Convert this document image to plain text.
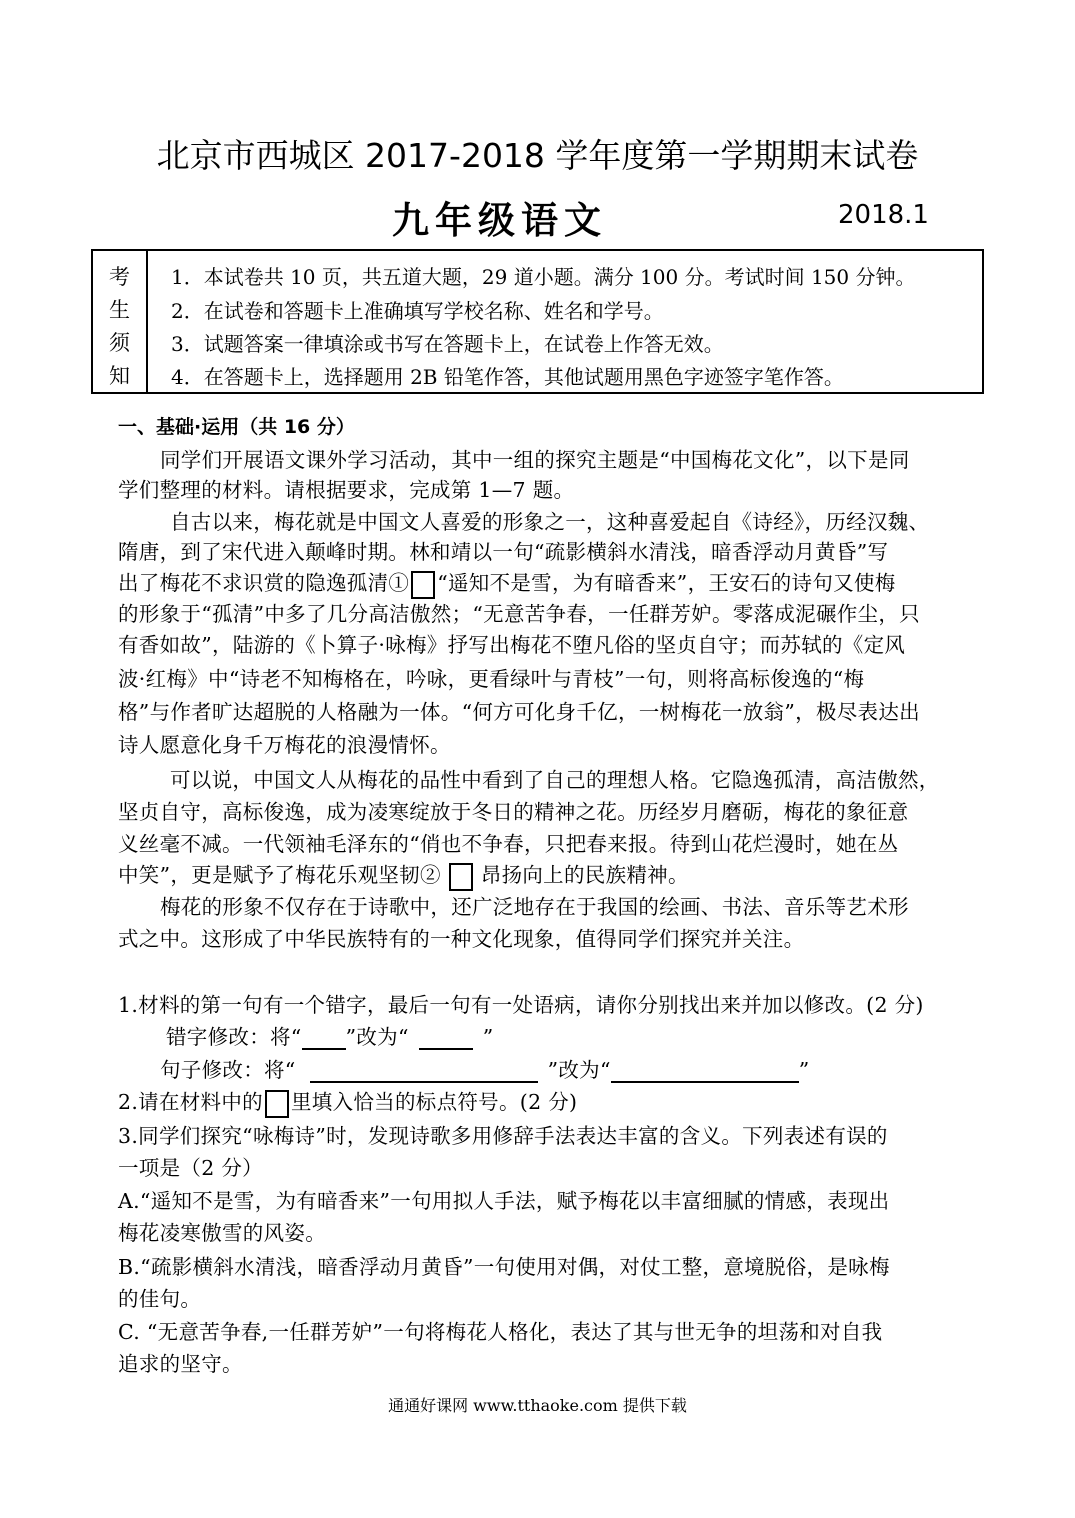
北京市西城区 2017-2018 学年度第一学期期末试卷
九年级语文	2018.1
考
生
须
知
1．本试卷共 10 页，共五道大题，29 道小题。满分 100 分。考试时间 150 分钟。
2．在试卷和答题卡上准确填写学校名称、姓名和学号。
3．试题答案一律填涂或书写在答题卡上，在试卷上作答无效。
4．在答题卡上，选择题用 2B 铅笔作答，其他试题用黑色字迹签字笔作答。
一、基础·运用（共 16 分）
同学们开展语文课外学习活动，其中一组的探究主题是“中国梅花文化”，以下是同
学们整理的材料。请根据要求，完成第 1—7 题。
自古以来，梅花就是中国文人喜爱的形象之一，这种喜爱起自《诗经》，历经汉魏、
隋唐，到了宋代进入颠峰时期。林和靖以一句“疏影横斜水清浅，暗香浮动月黄昏”写
出了梅花不求识赏的隐逸孤清① “遥知不是雪，为有暗香来”，王安石的诗句又使梅
的形象于“孤清”中多了几分高洁傲然；“无意苦争春，一任群芳妒。零落成泥碾作尘，只
有香如故”，陆游的《卜算子·咏梅》抒写出梅花不堕凡俗的坚贞自守；而苏轼的《定风
波·红梅》中“诗老不知梅格在，吟咏，更看绿叶与青枝”一句，则将高标俊逸的“梅
格”与作者旷达超脱的人格融为一体。“何方可化身千亿，一树梅花一放翁”，极尽表达出
诗人愿意化身千万梅花的浪漫情怀。
可以说，中国文人从梅花的品性中看到了自己的理想人格。它隐逸孤清，高洁傲然，
坚贞自守，高标俊逸，成为凌寒绽放于冬日的精神之花。历经岁月磨砺，梅花的象征意
义丝毫不减。一代领袖毛泽东的“俏也不争春，只把春来报。待到山花烂漫时，她在丛
中笑”，更是赋予了梅花乐观坚韧② 昂扬向上的民族精神。
梅花的形象不仅存在于诗歌中，还广泛地存在于我国的绘画、书法、音乐等艺术形
式之中。这形成了中华民族特有的一种文化现象，值得同学们探究并关注。
1.材料的第一句有一个错字，最后一句有一处语病，请你分别找出来并加以修改。(2 分)
错字修改：将“ ”改为“	”
句子修改：将“	”改为“	”
2.请在材料中的 里填入恰当的标点符号。(2 分)
3.同学们探究“咏梅诗”时，发现诗歌多用修辞手法表达丰富的含义。下列表述有误的
一项是（2 分）
A.“遥知不是雪，为有暗香来”一句用拟人手法，赋予梅花以丰富细腻的情感，表现出
梅花凌寒傲雪的风姿。
B.“疏影横斜水清浅，暗香浮动月黄昏”一句使用对偶，对仗工整，意境脱俗，是咏梅
的佳句。
C. “无意苦争春,一任群芳妒”一句将梅花人格化，表达了其与世无争的坦荡和对自我
追求的坚守。
通通好课网 www.tthaoke.com 提供下载
